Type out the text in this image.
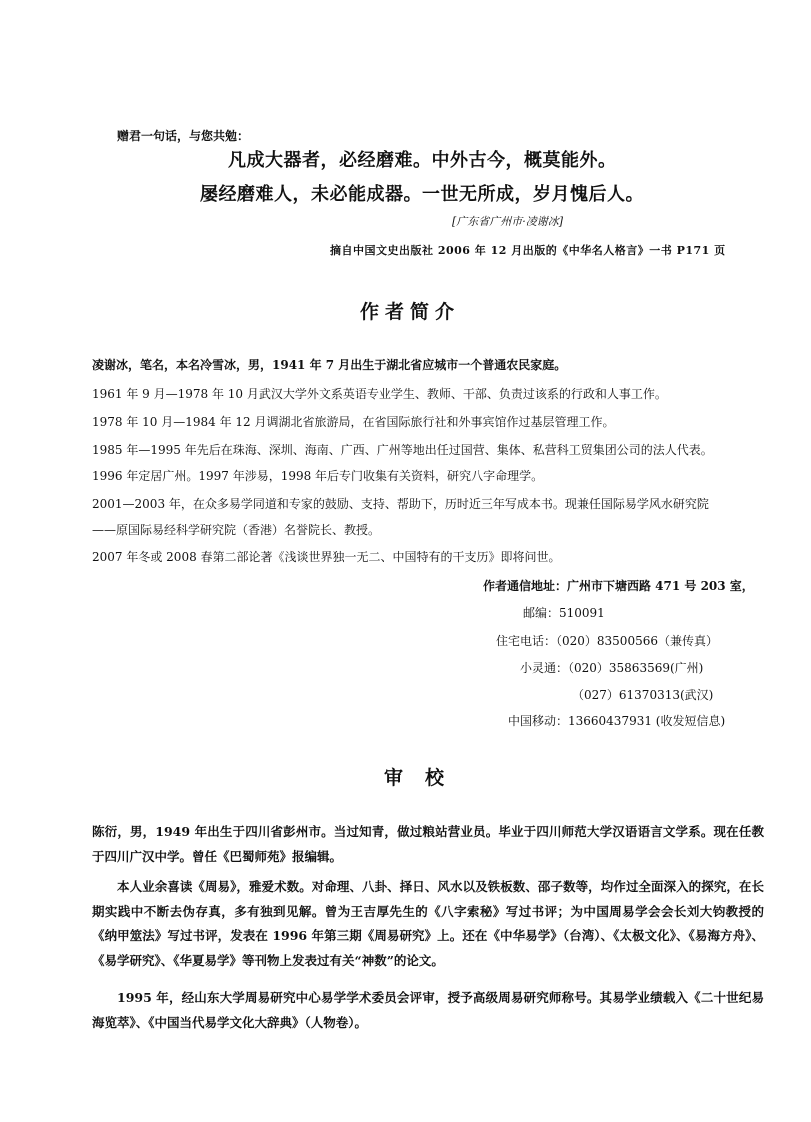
赠君一句话，与您共勉：
凡成大器者，必经磨难。中外古今，概莫能外。
屡经磨难人，未必能成器。一世无所成，岁月愧后人。
[广东省广州市·凌谢冰]
摘自中国文史出版社 2006 年 12 月出版的《中华名人格言》一书 P171 页
作者简介
凌谢冰，笔名，本名冷雪冰，男，1941 年 7 月出生于湖北省应城市一个普通农民家庭。
1961 年 9 月—1978 年 10 月武汉大学外文系英语专业学生、教师、干部、负责过该系的行政和人事工作。
1978 年 10 月—1984 年 12 月调湖北省旅游局，在省国际旅行社和外事宾馆作过基层管理工作。
1985 年—1995 年先后在珠海、深圳、海南、广西、广州等地出任过国营、集体、私营科工贸集团公司的法人代表。
1996 年定居广州。1997 年涉易，1998 年后专门收集有关资料，研究八字命理学。
2001—2003 年，在众多易学同道和专家的鼓励、支持、帮助下，历时近三年写成本书。现兼任国际易学风水研究院
——原国际易经科学研究院（香港）名誉院长、教授。
2007 年冬或 2008 春第二部论著《浅谈世界独一无二、中国特有的干支历》即将问世。
作者通信地址：广州市下塘西路 471 号 203 室，
邮编：510091
住宅电话：（020）83500566（兼传真）
小灵通：（020）35863569(广州)
（027）61370313(武汉)
中国移动：13660437931 (收发短信息)
审校

陈衍，男，1949 年出生于四川省彭州市。当过知青，做过粮站营业员。毕业于四川师范大学汉语语言文学系。现在任教于四川广汉中学。曾任《巴蜀师苑》报编辑。

本人业余喜读《周易》，雅爱术数。对命理、八卦、择日、风水以及铁板数、邵子数等，均作过全面深入的探究，在长期实践中不断去伪存真，多有独到见解。曾为王吉厚先生的《八字索秘》写过书评；为中国周易学会会长刘大钧教授的《纳甲筮法》写过书评，发表在 1996 年第三期《周易研究》上。还在《中华易学》（台湾）、《太极文化》、《易海方舟》、《易学研究》、《华夏易学》等刊物上发表过有关“神数”的论文。

1995 年，经山东大学周易研究中心易学学术委员会评审，授予高级周易研究师称号。其易学业绩载入《二十世纪易海览萃》、《中国当代易学文化大辞典》（人物卷）。
